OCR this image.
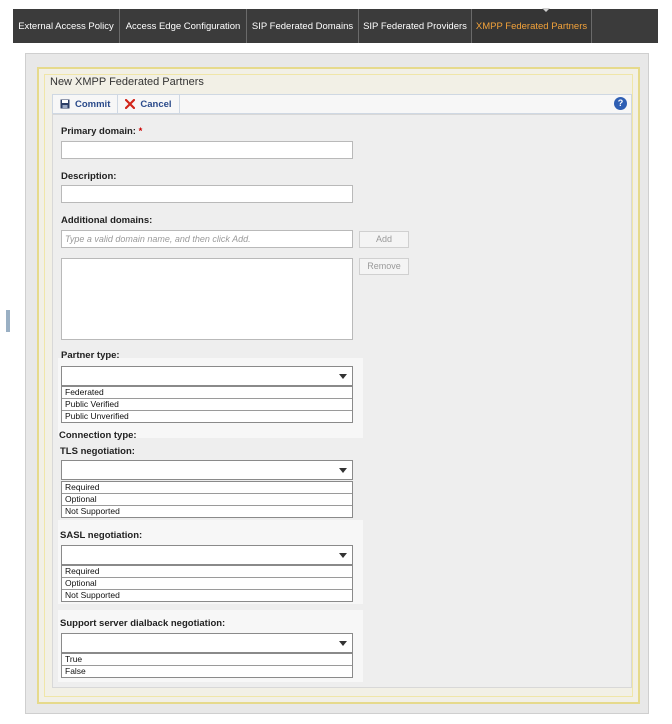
External Access Policy	Access Edge Configuration	SIP Federated Domains	SIP Federated Providers XMPP Federated Partners
New XMPP Federated Partners
Commit	Cancel	?
Primary domain: *
Description:
Additional domains:
Type a valid domain name, and then click Add.
Add
Remove
Partner type:
Federated
Public Verified
Public Unverified
Connection type:
TLS negotiation:
Required
Optional
Not Supported
SASL negotiation:
Required
Optional
Not Supported
Support server dialback negotiation:
True
False
